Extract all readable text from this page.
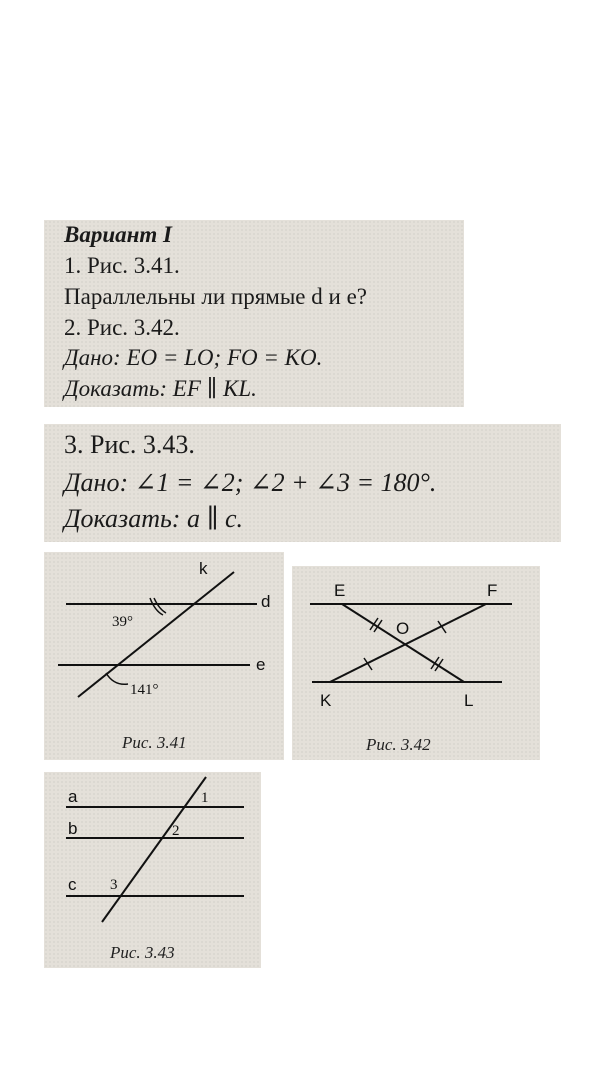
Вариант I
1. Рис. 3.41.
Параллельны ли прямые d и e?
2. Рис. 3.42.
Дано: EO = LO; FO = KO.
Доказать: EF ∥ KL.
3. Рис. 3.43.
Дано: ∠1 = ∠2; ∠2 + ∠3 = 180°.
Доказать: a ∥ c.
k
d
e
39°
141°
Рис. 3.41
E	F
O
K	L
Рис. 3.42
a
b
c
1
2
3
Рис. 3.43
